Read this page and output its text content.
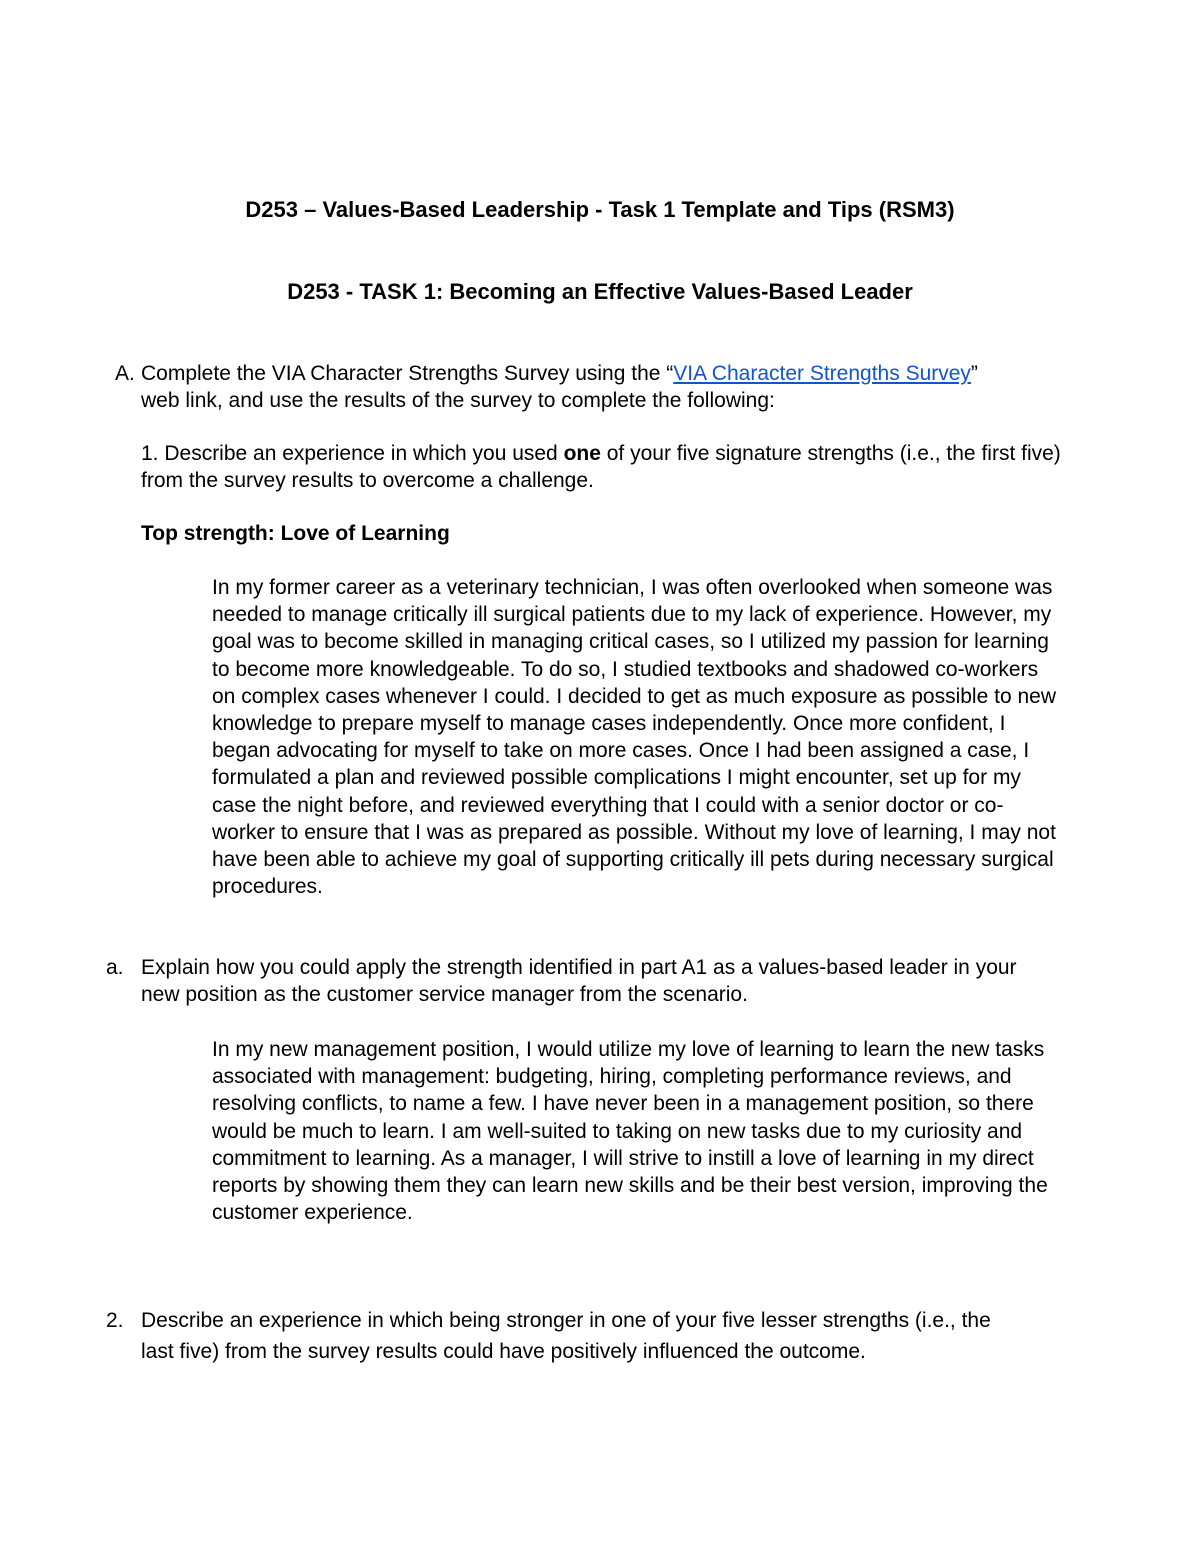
D253 – Values-Based Leadership - Task 1 Template and Tips (RSM3)
D253 - TASK 1: Becoming an Effective Values-Based Leader
A. Complete the VIA Character Strengths Survey using the “VIA Character Strengths Survey” web link, and use the results of the survey to complete the following:
1. Describe an experience in which you used one of your five signature strengths (i.e., the first five) from the survey results to overcome a challenge.
Top strength: Love of Learning
In my former career as a veterinary technician, I was often overlooked when someone was needed to manage critically ill surgical patients due to my lack of experience. However, my goal was to become skilled in managing critical cases, so I utilized my passion for learning to become more knowledgeable. To do so, I studied textbooks and shadowed co-workers on complex cases whenever I could. I decided to get as much exposure as possible to new knowledge to prepare myself to manage cases independently. Once more confident, I began advocating for myself to take on more cases. Once I had been assigned a case, I formulated a plan and reviewed possible complications I might encounter, set up for my case the night before, and reviewed everything that I could with a senior doctor or co-worker to ensure that I was as prepared as possible. Without my love of learning, I may not have been able to achieve my goal of supporting critically ill pets during necessary surgical procedures.
a. Explain how you could apply the strength identified in part A1 as a values-based leader in your new position as the customer service manager from the scenario.
In my new management position, I would utilize my love of learning to learn the new tasks associated with management: budgeting, hiring, completing performance reviews, and resolving conflicts, to name a few. I have never been in a management position, so there would be much to learn. I am well-suited to taking on new tasks due to my curiosity and commitment to learning. As a manager, I will strive to instill a love of learning in my direct reports by showing them they can learn new skills and be their best version, improving the customer experience.
2. Describe an experience in which being stronger in one of your five lesser strengths (i.e., the last five) from the survey results could have positively influenced the outcome.
